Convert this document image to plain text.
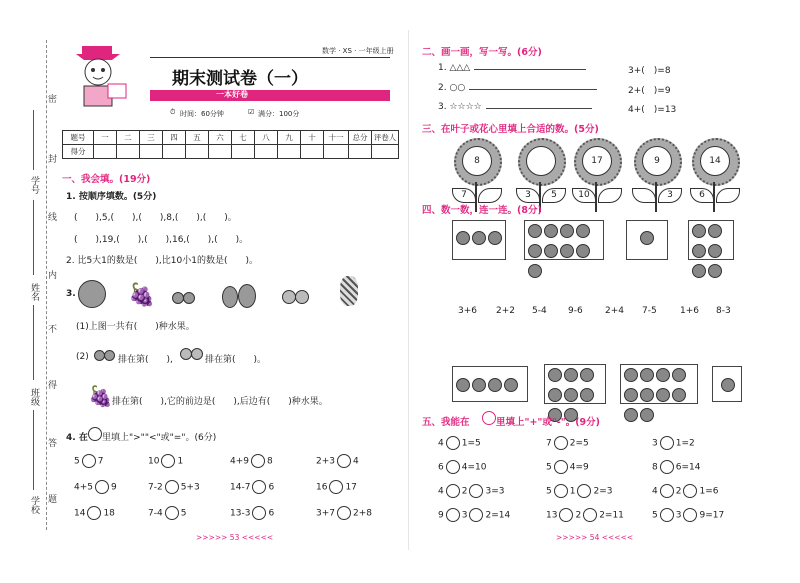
密
封
线
内
不
得
答
题
学号
姓名
班级
学校
数学 · XS · 一年级上册
期末测试卷（一）
一本好卷
⏱ 时间：60分钟	☑ 满分：100分
题号	一	二	三	四	五	六	七	八	九	十	十一	总分	评卷人
得分													
一、我会填。(19分)
1. 按顺序填数。(5分)
(　　),5,(　　),(　　),8,(　　),(　　)。
(　　),19,(　　),(　　),16,(　　),(　　)。
2. 比5大1的数是(　　),比10小1的数是(　　)。
3. 🍇
(1)上图一共有(　　)种水果。
(2)	排在第(　　),	排在第(　　)。
🍇 排在第(　　),它的前边是(　　),后边有(　　)种水果。
4. 在 里填上">""<"或"="。(6分)
5 7	10 1	4+9 8	2+3 4
4+5 9	7-2 5+3	14-7 6	16 17
14 18	7-4 5	13-3 6	3+7 2+8
>>>>> 53 <<<<<
二、画一画，写一写。(6分)
1. △△△	3+(　)=8
2. ○○	2+(　)=9
3. ☆☆☆☆	4+(　)=13
三、在叶子或花心里填上合适的数。(5分)
8
7	3	5
17
10
9
3
14
6
四、数一数，连一连。(8分)
3+6 2+2 5-4 9-6 2+4 7-5	1+6 8-3
五、我能在	里填上"+"或"-"。(9分)
4 1=5	7 2=5	3 1=2
6 4=10	5 4=9	8 6=14
4 2 3=3	5 1 2=3	4 2 1=6
9 3 2=14	13 2 2=11	5 3 9=17
>>>>> 54 <<<<<
